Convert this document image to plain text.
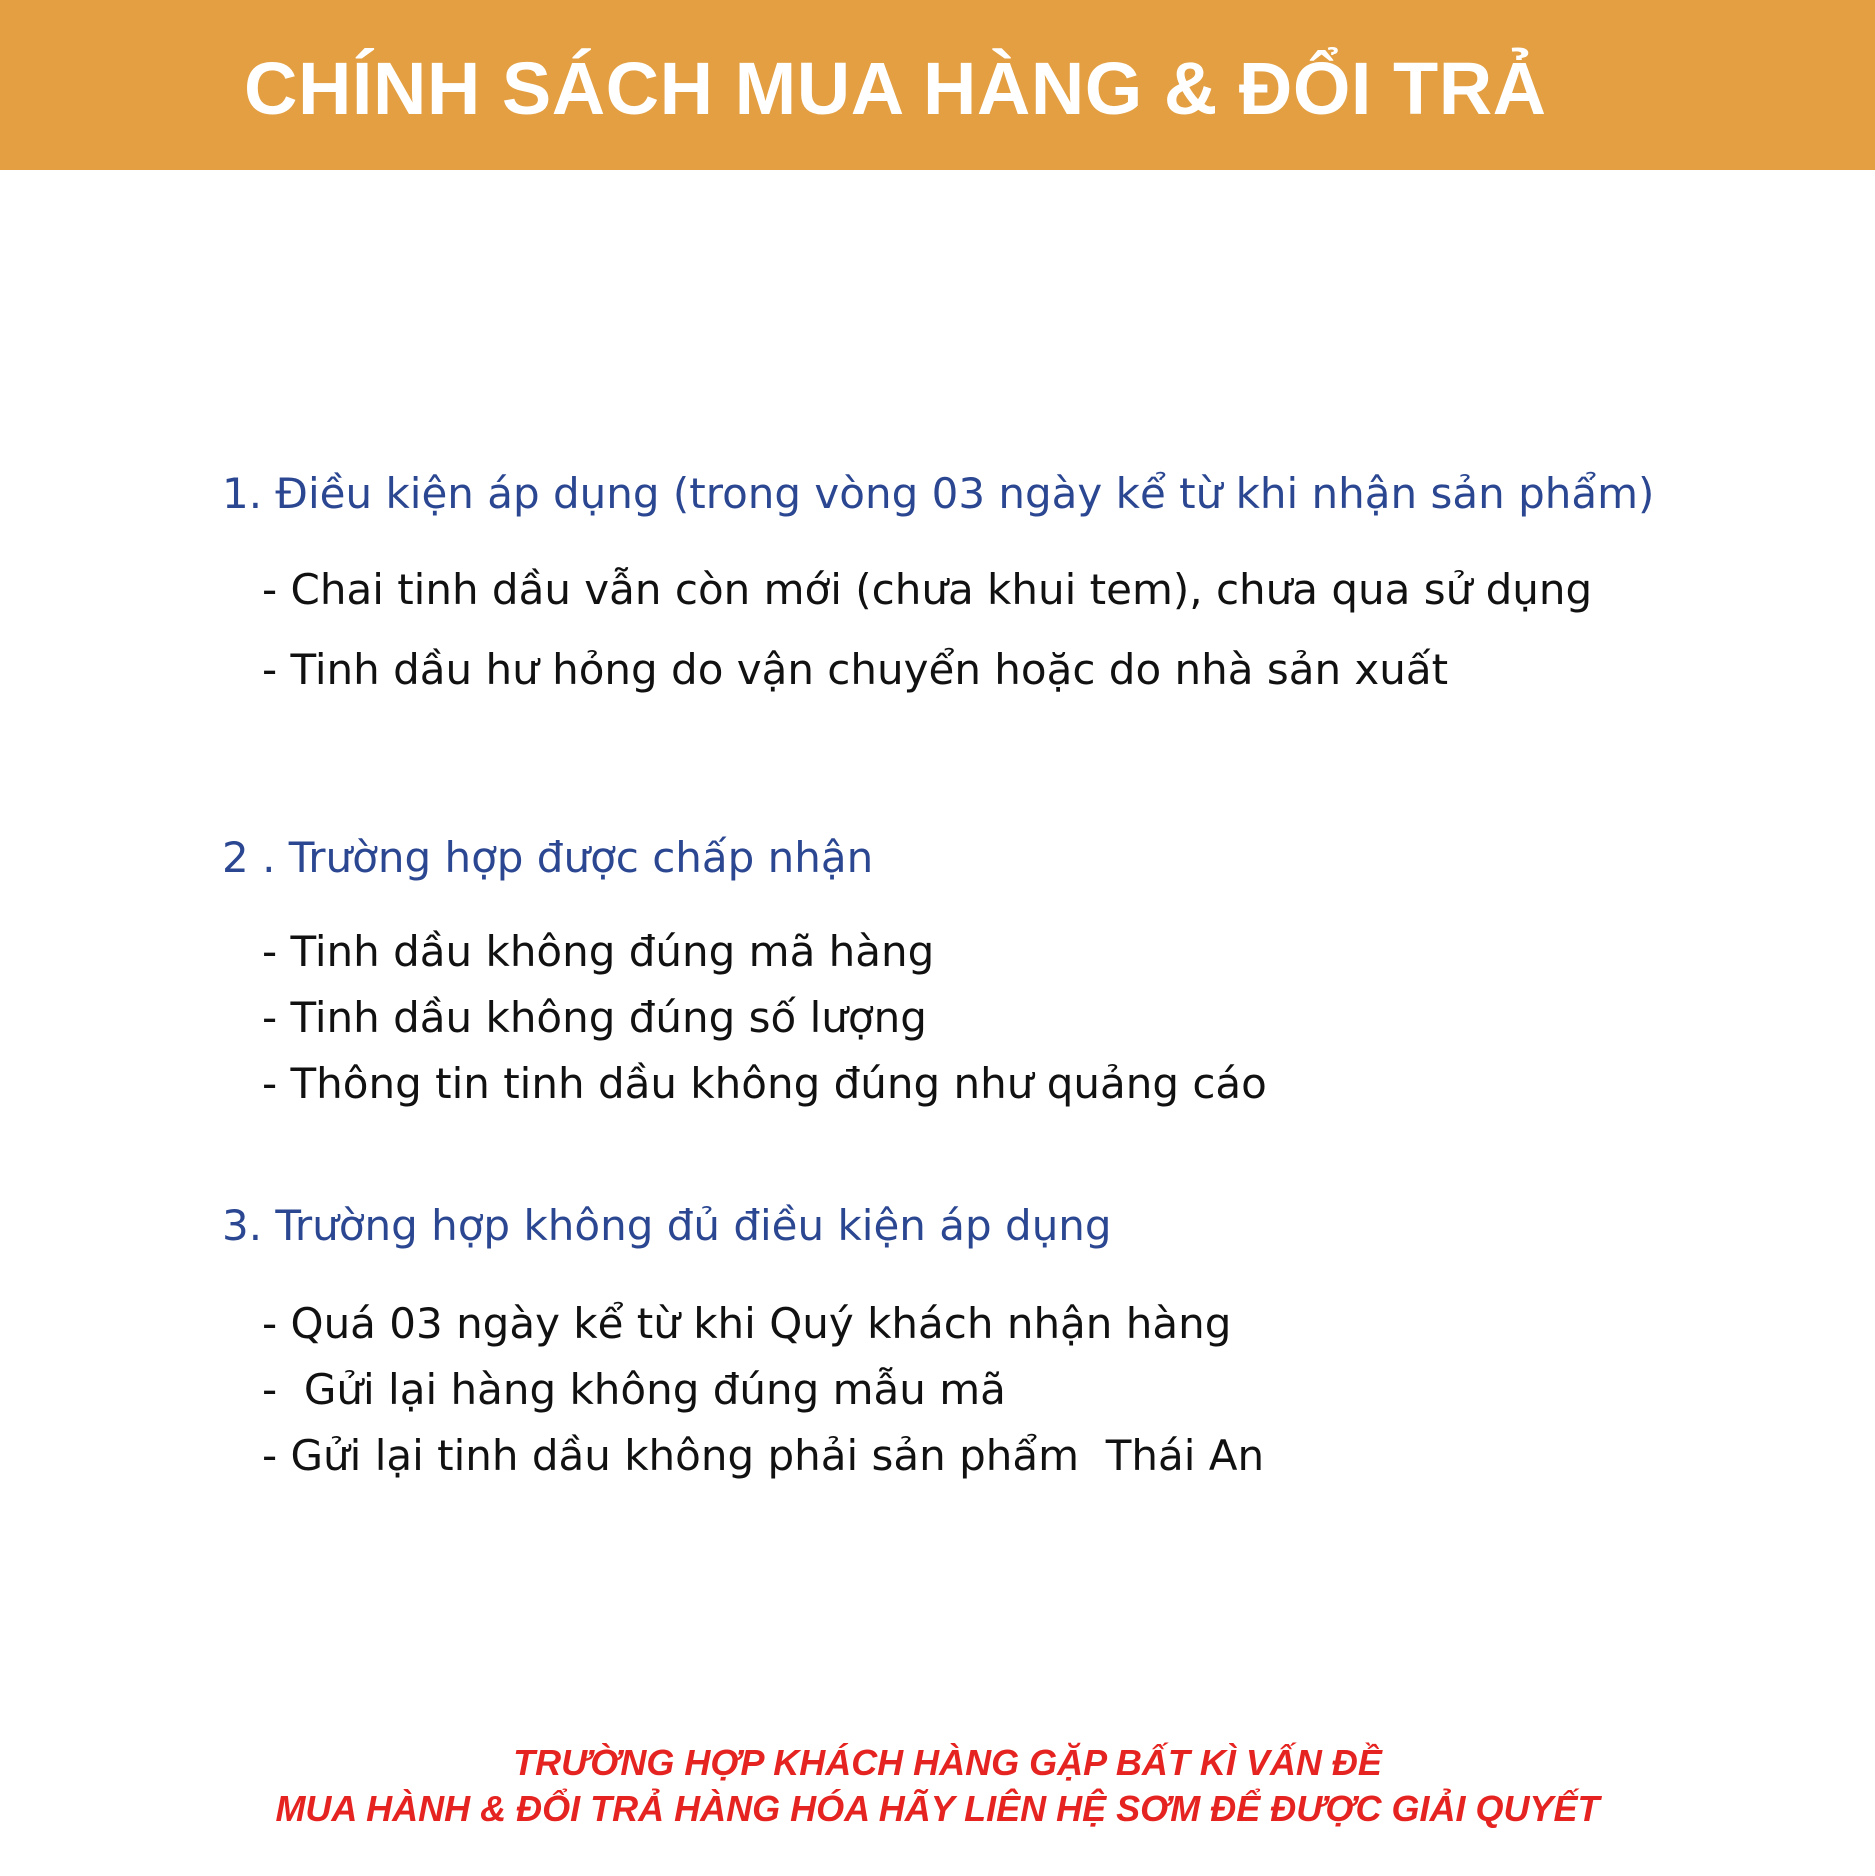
CHÍNH SÁCH MUA HÀNG & ĐỔI TRẢ
1. Điều kiện áp dụng (trong vòng 03 ngày kể từ khi nhận sản phẩm)

- Chai tinh dầu vẫn còn mới (chưa khui tem), chưa qua sử dụng

- Tinh dầu hư hỏng do vận chuyển hoặc do nhà sản xuất

2 . Trường hợp được chấp nhận

- Tinh dầu không đúng mã hàng

- Tinh dầu không đúng số lượng

- Thông tin tinh dầu không đúng như quảng cáo

3. Trường hợp không đủ điều kiện áp dụng

- Quá 03 ngày kể từ khi Quý khách nhận hàng

-  Gửi lại hàng không đúng mẫu mã

- Gửi lại tinh dầu không phải sản phẩm  Thái An

TRƯỜNG HỢP KHÁCH HÀNG GẶP BẤT KÌ VẤN ĐỀ
MUA HÀNH & ĐỔI TRẢ HÀNG HÓA HÃY LIÊN HỆ SƠM ĐỂ ĐƯỢC GIẢI QUYẾT
